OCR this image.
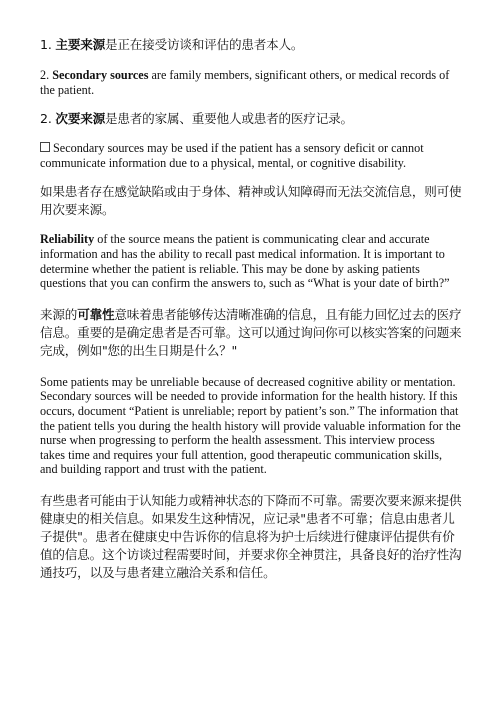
1. 主要来源是正在接受访谈和评估的患者本人。

2. Secondary sources are family members, significant others, or medical records of the patient.

2. 次要来源是患者的家属、重要他人或患者的医疗记录。

Secondary sources may be used if the patient has a sensory deficit or cannot communicate information due to a physical, mental, or cognitive disability.

如果患者存在感觉缺陷或由于身体、精神或认知障碍而无法交流信息，则可使用次要来源。

Reliability of the source means the patient is communicating clear and accurate information and has the ability to recall past medical information. It is important to determine whether the patient is reliable. This may be done by asking patients questions that you can confirm the answers to, such as “What is your date of birth?”

来源的可靠性意味着患者能够传达清晰准确的信息，且有能力回忆过去的医疗信息。重要的是确定患者是否可靠。这可以通过询问你可以核实答案的问题来完成，例如"您的出生日期是什么？"

Some patients may be unreliable because of decreased cognitive ability or mentation. Secondary sources will be needed to provide information for the health history. If this occurs, document “Patient is unreliable; report by patient’s son.” The information that the patient tells you during the health history will provide valuable information for the nurse when progressing to perform the health assessment. This interview process takes time and requires your full attention, good therapeutic communication skills, and building rapport and trust with the patient.

有些患者可能由于认知能力或精神状态的下降而不可靠。需要次要来源来提供健康史的相关信息。如果发生这种情况，应记录"患者不可靠；信息由患者儿子提供"。患者在健康史中告诉你的信息将为护士后续进行健康评估提供有价值的信息。这个访谈过程需要时间，并要求你全神贯注，具备良好的治疗性沟通技巧，以及与患者建立融洽关系和信任。
